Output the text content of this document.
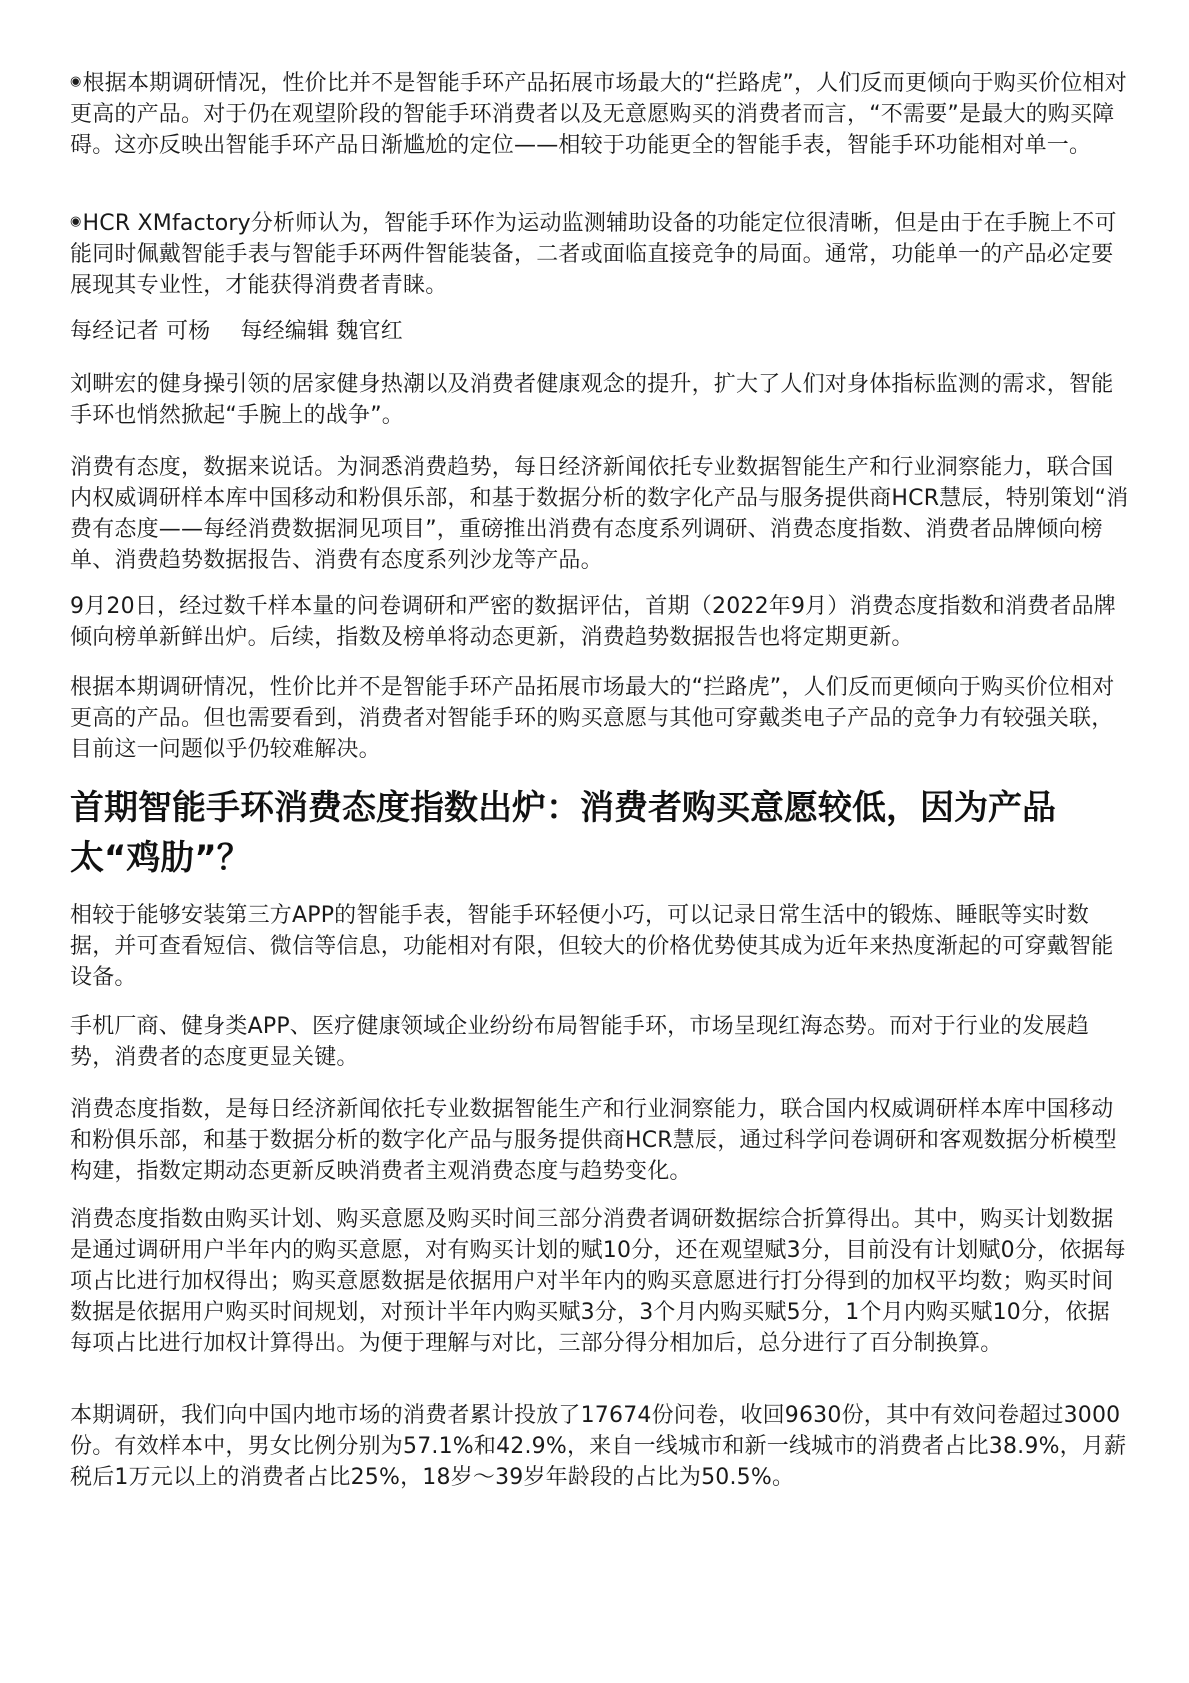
◉根据本期调研情况，性价比并不是智能手环产品拓展市场最大的“拦路虎”，人们反而更倾向于购买价位相对更高的产品。对于仍在观望阶段的智能手环消费者以及无意愿购买的消费者而言，“不需要”是最大的购买障碍。这亦反映出智能手环产品日渐尴尬的定位——相较于功能更全的智能手表，智能手环功能相对单一。

◉HCR XMfactory分析师认为，智能手环作为运动监测辅助设备的功能定位很清晰，但是由于在手腕上不可能同时佩戴智能手表与智能手环两件智能装备，二者或面临直接竞争的局面。通常，功能单一的产品必定要展现其专业性，才能获得消费者青睐。

每经记者 可杨 每经编辑 魏官红

刘畊宏的健身操引领的居家健身热潮以及消费者健康观念的提升，扩大了人们对身体指标监测的需求，智能手环也悄然掀起“手腕上的战争”。

消费有态度，数据来说话。为洞悉消费趋势，每日经济新闻依托专业数据智能生产和行业洞察能力，联合国内权威调研样本库中国移动和粉俱乐部，和基于数据分析的数字化产品与服务提供商HCR慧辰，特别策划“消费有态度——每经消费数据洞见项目”，重磅推出消费有态度系列调研、消费态度指数、消费者品牌倾向榜单、消费趋势数据报告、消费有态度系列沙龙等产品。

9月20日，经过数千样本量的问卷调研和严密的数据评估，首期（2022年9月）消费态度指数和消费者品牌倾向榜单新鲜出炉。后续，指数及榜单将动态更新，消费趋势数据报告也将定期更新。

根据本期调研情况，性价比并不是智能手环产品拓展市场最大的“拦路虎”，人们反而更倾向于购买价位相对更高的产品。但也需要看到，消费者对智能手环的购买意愿与其他可穿戴类电子产品的竞争力有较强关联，目前这一问题似乎仍较难解决。

首期智能手环消费态度指数出炉：消费者购买意愿较低，因为产品太“鸡肋”？

相较于能够安装第三方APP的智能手表，智能手环轻便小巧，可以记录日常生活中的锻炼、睡眠等实时数据，并可查看短信、微信等信息，功能相对有限，但较大的价格优势使其成为近年来热度渐起的可穿戴智能设备。

手机厂商、健身类APP、医疗健康领域企业纷纷布局智能手环，市场呈现红海态势。而对于行业的发展趋势，消费者的态度更显关键。

消费态度指数，是每日经济新闻依托专业数据智能生产和行业洞察能力，联合国内权威调研样本库中国移动和粉俱乐部，和基于数据分析的数字化产品与服务提供商HCR慧辰，通过科学问卷调研和客观数据分析模型构建，指数定期动态更新反映消费者主观消费态度与趋势变化。

消费态度指数由购买计划、购买意愿及购买时间三部分消费者调研数据综合折算得出。其中，购买计划数据是通过调研用户半年内的购买意愿，对有购买计划的赋10分，还在观望赋3分，目前没有计划赋0分，依据每项占比进行加权得出；购买意愿数据是依据用户对半年内的购买意愿进行打分得到的加权平均数；购买时间数据是依据用户购买时间规划，对预计半年内购买赋3分，3个月内购买赋5分，1个月内购买赋10分，依据每项占比进行加权计算得出。为便于理解与对比，三部分得分相加后，总分进行了百分制换算。

本期调研，我们向中国内地市场的消费者累计投放了17674份问卷，收回9630份，其中有效问卷超过3000份。有效样本中，男女比例分别为57.1%和42.9%，来自一线城市和新一线城市的消费者占比38.9%，月薪税后1万元以上的消费者占比25%，18岁～39岁年龄段的占比为50.5%。
